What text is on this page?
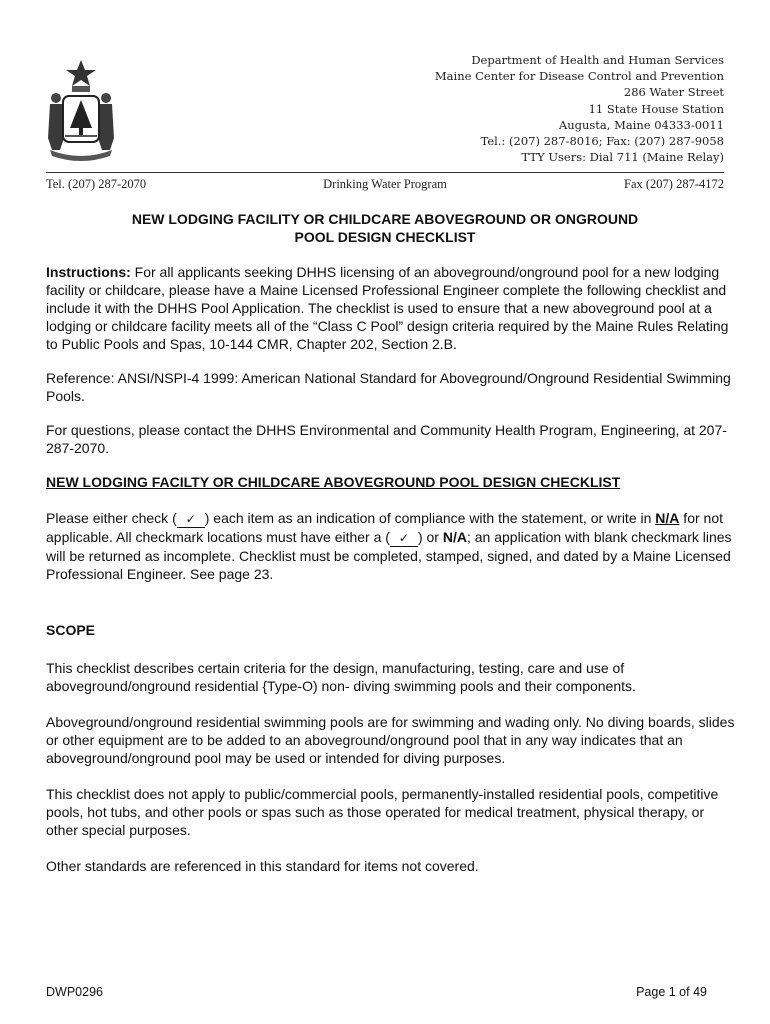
Department of Health and Human Services
Maine Center for Disease Control and Prevention
286 Water Street
11 State House Station
Augusta, Maine 04333-0011
Tel.: (207) 287-8016; Fax: (207) 287-9058
TTY Users: Dial 711 (Maine Relay)
Tel. (207) 287-2070	Drinking Water Program	Fax (207) 287-4172
NEW LODGING FACILITY OR CHILDCARE ABOVEGROUND OR ONGROUND
POOL DESIGN CHECKLIST

Instructions: For all applicants seeking DHHS licensing of an aboveground/onground pool for a new lodging facility or childcare, please have a Maine Licensed Professional Engineer complete the following checklist and include it with the DHHS Pool Application. The checklist is used to ensure that a new aboveground pool at a lodging or childcare facility meets all of the “Class C Pool” design criteria required by the Maine Rules Relating to Public Pools and Spas, 10-144 CMR, Chapter 202, Section 2.B.

Reference: ANSI/NSPI-4 1999: American National Standard for Aboveground/Onground Residential Swimming Pools.

For questions, please contact the DHHS Environmental and Community Health Program, Engineering, at 207-287-2070.

NEW LODGING FACILTY OR CHILDCARE ABOVEGROUND POOL DESIGN CHECKLIST

Please either check ( ✓ ) each item as an indication of compliance with the statement, or write in N/A for not applicable. All checkmark locations must have either a ( ✓ ) or N/A; an application with blank checkmark lines will be returned as incomplete. Checklist must be completed, stamped, signed, and dated by a Maine Licensed Professional Engineer. See page 23.

SCOPE

This checklist describes certain criteria for the design, manufacturing, testing, care and use of aboveground/onground residential {Type-O) non- diving swimming pools and their components.

Aboveground/onground residential swimming pools are for swimming and wading only. No diving boards, slides or other equipment are to be added to an aboveground/onground pool that in any way indicates that an aboveground/onground pool may be used or intended for diving purposes.

This checklist does not apply to public/commercial pools, permanently-installed residential pools, competitive pools, hot tubs, and other pools or spas such as those operated for medical treatment, physical therapy, or other special purposes.

Other standards are referenced in this standard for items not covered.

DWP0296	Page 1 of 49
